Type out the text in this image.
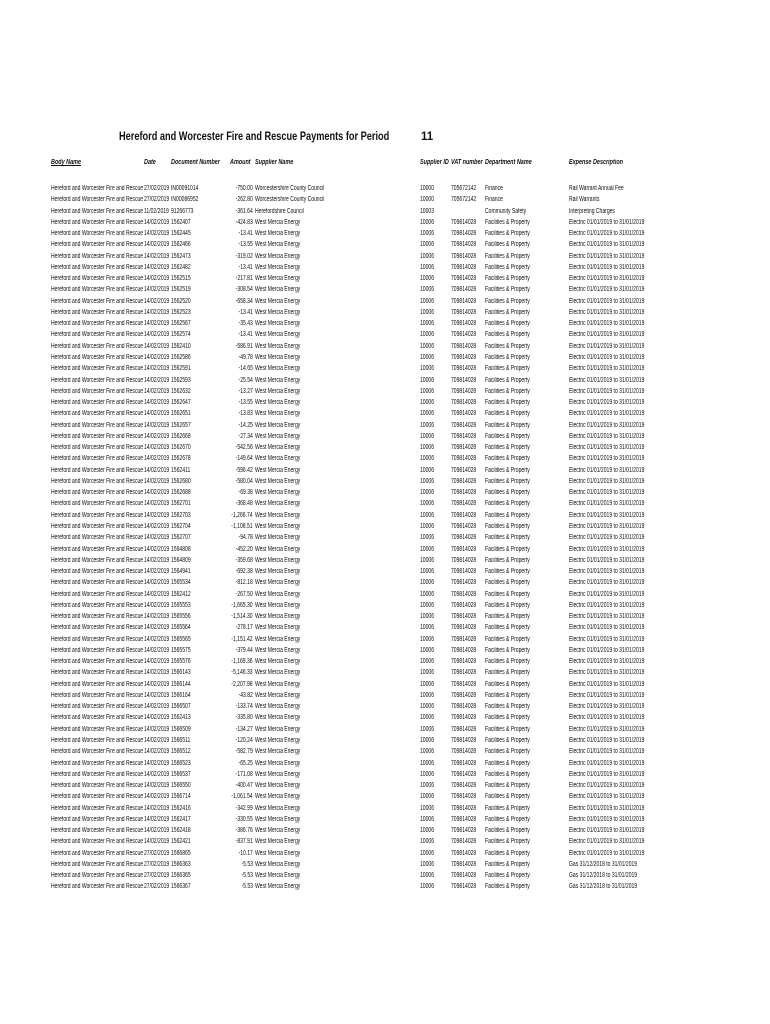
Hereford and Worcester Fire and Rescue Payments for Period	11
Body Name	Date Document Number Amount Supplier Name	Supplier ID VAT number Department Name	Expense Description
Hereford and Worcester Fire and Rescue 27/02/2019 IN00091014	-750.00 Worcestershire County Council	10000 705672142 Finance	Rail Warrant Annual Fee
Hereford and Worcester Fire and Rescue 27/02/2019 IN00086952	-262.80 Worcestershire County Council	10000 705672142 Finance	Rail Warrants
Hereford and Worcester Fire and Rescue 11/02/2019 91266773	-361.64 Herefordshire Council	10003	Community Safety	Interpreting Charges
Hereford and Worcester Fire and Rescue 14/02/2019 1562407	-424.83 West Mercia Energy	10006 709814028 Facilities & Property	Electric 01/01/2019 to 31/01/2019
Hereford and Worcester Fire and Rescue 14/02/2019 1562445	-13.41 West Mercia Energy	10006 709814028 Facilities & Property	Electric 01/01/2019 to 31/01/2019
Hereford and Worcester Fire and Rescue 14/02/2019 1562466	-13.55 West Mercia Energy	10006 709814028 Facilities & Property	Electric 01/01/2019 to 31/01/2019
Hereford and Worcester Fire and Rescue 14/02/2019 1562473	-319.02 West Mercia Energy	10006 709814028 Facilities & Property	Electric 01/01/2019 to 31/01/2019
Hereford and Worcester Fire and Rescue 14/02/2019 1562482	-13.41 West Mercia Energy	10006 709814028 Facilities & Property	Electric 01/01/2019 to 31/01/2019
Hereford and Worcester Fire and Rescue 14/02/2019 1562515	-217.81 West Mercia Energy	10006 709814028 Facilities & Property	Electric 01/01/2019 to 31/01/2019
Hereford and Worcester Fire and Rescue 14/02/2019 1562519	-308.54 West Mercia Energy	10006 709814028 Facilities & Property	Electric 01/01/2019 to 31/01/2019
Hereford and Worcester Fire and Rescue 14/02/2019 1562520	-658.34 West Mercia Energy	10006 709814028 Facilities & Property	Electric 01/01/2019 to 31/01/2019
Hereford and Worcester Fire and Rescue 14/02/2019 1562523	-13.41 West Mercia Energy	10006 709814028 Facilities & Property	Electric 01/01/2019 to 31/01/2019
Hereford and Worcester Fire and Rescue 14/02/2019 1562567	-35.43 West Mercia Energy	10006 709814028 Facilities & Property	Electric 01/01/2019 to 31/01/2019
Hereford and Worcester Fire and Rescue 14/02/2019 1562574	-13.41 West Mercia Energy	10006 709814028 Facilities & Property	Electric 01/01/2019 to 31/01/2019
Hereford and Worcester Fire and Rescue 14/02/2019 1562410	-586.91 West Mercia Energy	10006 709814028 Facilities & Property	Electric 01/01/2019 to 31/01/2019
Hereford and Worcester Fire and Rescue 14/02/2019 1562586	-49.78 West Mercia Energy	10006 709814028 Facilities & Property	Electric 01/01/2019 to 31/01/2019
Hereford and Worcester Fire and Rescue 14/02/2019 1562591	-14.65 West Mercia Energy	10006 709814028 Facilities & Property	Electric 01/01/2019 to 31/01/2019
Hereford and Worcester Fire and Rescue 14/02/2019 1562593	-25.54 West Mercia Energy	10006 709814028 Facilities & Property	Electric 01/01/2019 to 31/01/2019
Hereford and Worcester Fire and Rescue 14/02/2019 1562632	-13.27 West Mercia Energy	10006 709814028 Facilities & Property	Electric 01/01/2019 to 31/01/2019
Hereford and Worcester Fire and Rescue 14/02/2019 1562647	-13.55 West Mercia Energy	10006 709814028 Facilities & Property	Electric 01/01/2019 to 31/01/2019
Hereford and Worcester Fire and Rescue 14/02/2019 1562651	-13.83 West Mercia Energy	10006 709814028 Facilities & Property	Electric 01/01/2019 to 31/01/2019
Hereford and Worcester Fire and Rescue 14/02/2019 1562657	-14.25 West Mercia Energy	10006 709814028 Facilities & Property	Electric 01/01/2019 to 31/01/2019
Hereford and Worcester Fire and Rescue 14/02/2019 1562668	-27.34 West Mercia Energy	10006 709814028 Facilities & Property	Electric 01/01/2019 to 31/01/2019
Hereford and Worcester Fire and Rescue 14/02/2019 1562670	-542.56 West Mercia Energy	10006 709814028 Facilities & Property	Electric 01/01/2019 to 31/01/2019
Hereford and Worcester Fire and Rescue 14/02/2019 1562678	-149.64 West Mercia Energy	10006 709814028 Facilities & Property	Electric 01/01/2019 to 31/01/2019
Hereford and Worcester Fire and Rescue 14/02/2019 1562411	-596.42 West Mercia Energy	10006 709814028 Facilities & Property	Electric 01/01/2019 to 31/01/2019
Hereford and Worcester Fire and Rescue 14/02/2019 1562680	-580.04 West Mercia Energy	10006 709814028 Facilities & Property	Electric 01/01/2019 to 31/01/2019
Hereford and Worcester Fire and Rescue 14/02/2019 1562688	-69.38 West Mercia Energy	10006 709814028 Facilities & Property	Electric 01/01/2019 to 31/01/2019
Hereford and Worcester Fire and Rescue 14/02/2019 1562701	-368.48 West Mercia Energy	10006 709814028 Facilities & Property	Electric 01/01/2019 to 31/01/2019
Hereford and Worcester Fire and Rescue 14/02/2019 1562703	-1,266.74 West Mercia Energy	10006 709814028 Facilities & Property	Electric 01/01/2019 to 31/01/2019
Hereford and Worcester Fire and Rescue 14/02/2019 1562704	-1,108.51 West Mercia Energy	10006 709814028 Facilities & Property	Electric 01/01/2019 to 31/01/2019
Hereford and Worcester Fire and Rescue 14/02/2019 1562707	-94.78 West Mercia Energy	10006 709814028 Facilities & Property	Electric 01/01/2019 to 31/01/2019
Hereford and Worcester Fire and Rescue 14/02/2019 1564808	-452.20 West Mercia Energy	10006 709814028 Facilities & Property	Electric 01/01/2019 to 31/01/2019
Hereford and Worcester Fire and Rescue 14/02/2019 1564809	-359.68 West Mercia Energy	10006 709814028 Facilities & Property	Electric 01/01/2019 to 31/01/2019
Hereford and Worcester Fire and Rescue 14/02/2019 1564941	-692.38 West Mercia Energy	10006 709814028 Facilities & Property	Electric 01/01/2019 to 31/01/2019
Hereford and Worcester Fire and Rescue 14/02/2019 1565534	-812.18 West Mercia Energy	10006 709814028 Facilities & Property	Electric 01/01/2019 to 31/01/2019
Hereford and Worcester Fire and Rescue 14/02/2019 1562412	-267.50 West Mercia Energy	10006 709814028 Facilities & Property	Electric 01/01/2019 to 31/01/2019
Hereford and Worcester Fire and Rescue 14/02/2019 1565553	-1,665.30 West Mercia Energy	10006 709814028 Facilities & Property	Electric 01/01/2019 to 31/01/2019
Hereford and Worcester Fire and Rescue 14/02/2019 1565556	-1,514.30 West Mercia Energy	10006 709814028 Facilities & Property	Electric 01/01/2019 to 31/01/2019
Hereford and Worcester Fire and Rescue 14/02/2019 1565564	-278.17 West Mercia Energy	10006 709814028 Facilities & Property	Electric 01/01/2019 to 31/01/2019
Hereford and Worcester Fire and Rescue 14/02/2019 1565565	-1,151.42 West Mercia Energy	10006 709814028 Facilities & Property	Electric 01/01/2019 to 31/01/2019
Hereford and Worcester Fire and Rescue 14/02/2019 1565575	-379.44 West Mercia Energy	10006 709814028 Facilities & Property	Electric 01/01/2019 to 31/01/2019
Hereford and Worcester Fire and Rescue 14/02/2019 1565576	-1,169.36 West Mercia Energy	10006 709814028 Facilities & Property	Electric 01/01/2019 to 31/01/2019
Hereford and Worcester Fire and Rescue 14/02/2019 1566143	-5,146.33 West Mercia Energy	10006 709814028 Facilities & Property	Electric 01/01/2019 to 31/01/2019
Hereford and Worcester Fire and Rescue 14/02/2019 1566144	-2,207.98 West Mercia Energy	10006 709814028 Facilities & Property	Electric 01/01/2019 to 31/01/2019
Hereford and Worcester Fire and Rescue 14/02/2019 1566164	-43.82 West Mercia Energy	10006 709814028 Facilities & Property	Electric 01/01/2019 to 31/01/2019
Hereford and Worcester Fire and Rescue 14/02/2019 1566507	-133.74 West Mercia Energy	10006 709814028 Facilities & Property	Electric 01/01/2019 to 31/01/2019
Hereford and Worcester Fire and Rescue 14/02/2019 1562413	-335.80 West Mercia Energy	10006 709814028 Facilities & Property	Electric 01/01/2019 to 31/01/2019
Hereford and Worcester Fire and Rescue 14/02/2019 1566509	-134.27 West Mercia Energy	10006 709814028 Facilities & Property	Electric 01/01/2019 to 31/01/2019
Hereford and Worcester Fire and Rescue 14/02/2019 1566511	-120.24 West Mercia Energy	10006 709814028 Facilities & Property	Electric 01/01/2019 to 31/01/2019
Hereford and Worcester Fire and Rescue 14/02/2019 1566512	-582.79 West Mercia Energy	10006 709814028 Facilities & Property	Electric 01/01/2019 to 31/01/2019
Hereford and Worcester Fire and Rescue 14/02/2019 1566523	-65.25 West Mercia Energy	10006 709814028 Facilities & Property	Electric 01/01/2019 to 31/01/2019
Hereford and Worcester Fire and Rescue 14/02/2019 1566537	-171.08 West Mercia Energy	10006 709814028 Facilities & Property	Electric 01/01/2019 to 31/01/2019
Hereford and Worcester Fire and Rescue 14/02/2019 1566550	-400.47 West Mercia Energy	10006 709814028 Facilities & Property	Electric 01/01/2019 to 31/01/2019
Hereford and Worcester Fire and Rescue 14/02/2019 1566714	-1,061.54 West Mercia Energy	10006 709814028 Facilities & Property	Electric 01/01/2019 to 31/01/2019
Hereford and Worcester Fire and Rescue 14/02/2019 1562416	-342.99 West Mercia Energy	10006 709814028 Facilities & Property	Electric 01/01/2019 to 31/01/2019
Hereford and Worcester Fire and Rescue 14/02/2019 1562417	-330.55 West Mercia Energy	10006 709814028 Facilities & Property	Electric 01/01/2019 to 31/01/2019
Hereford and Worcester Fire and Rescue 14/02/2019 1562418	-386.76 West Mercia Energy	10006 709814028 Facilities & Property	Electric 01/01/2019 to 31/01/2019
Hereford and Worcester Fire and Rescue 14/02/2019 1562421	-837.91 West Mercia Energy	10006 709814028 Facilities & Property	Electric 01/01/2019 to 31/01/2019
Hereford and Worcester Fire and Rescue 27/02/2019 1566865	-10.17 West Mercia Energy	10006 709814028 Facilities & Property	Electric 01/01/2019 to 31/01/2019
Hereford and Worcester Fire and Rescue 27/02/2019 1566363	-5.53 West Mercia Energy	10006 709814028 Facilities & Property	Gas 31/12/2018 to 31/01/2019
Hereford and Worcester Fire and Rescue 27/02/2019 1566365	-5.53 West Mercia Energy	10006 709814028 Facilities & Property	Gas 31/12/2018 to 31/01/2019
Hereford and Worcester Fire and Rescue 27/02/2019 1566367	-5.53 West Mercia Energy	10006 709814028 Facilities & Property	Gas 31/12/2018 to 31/01/2019
